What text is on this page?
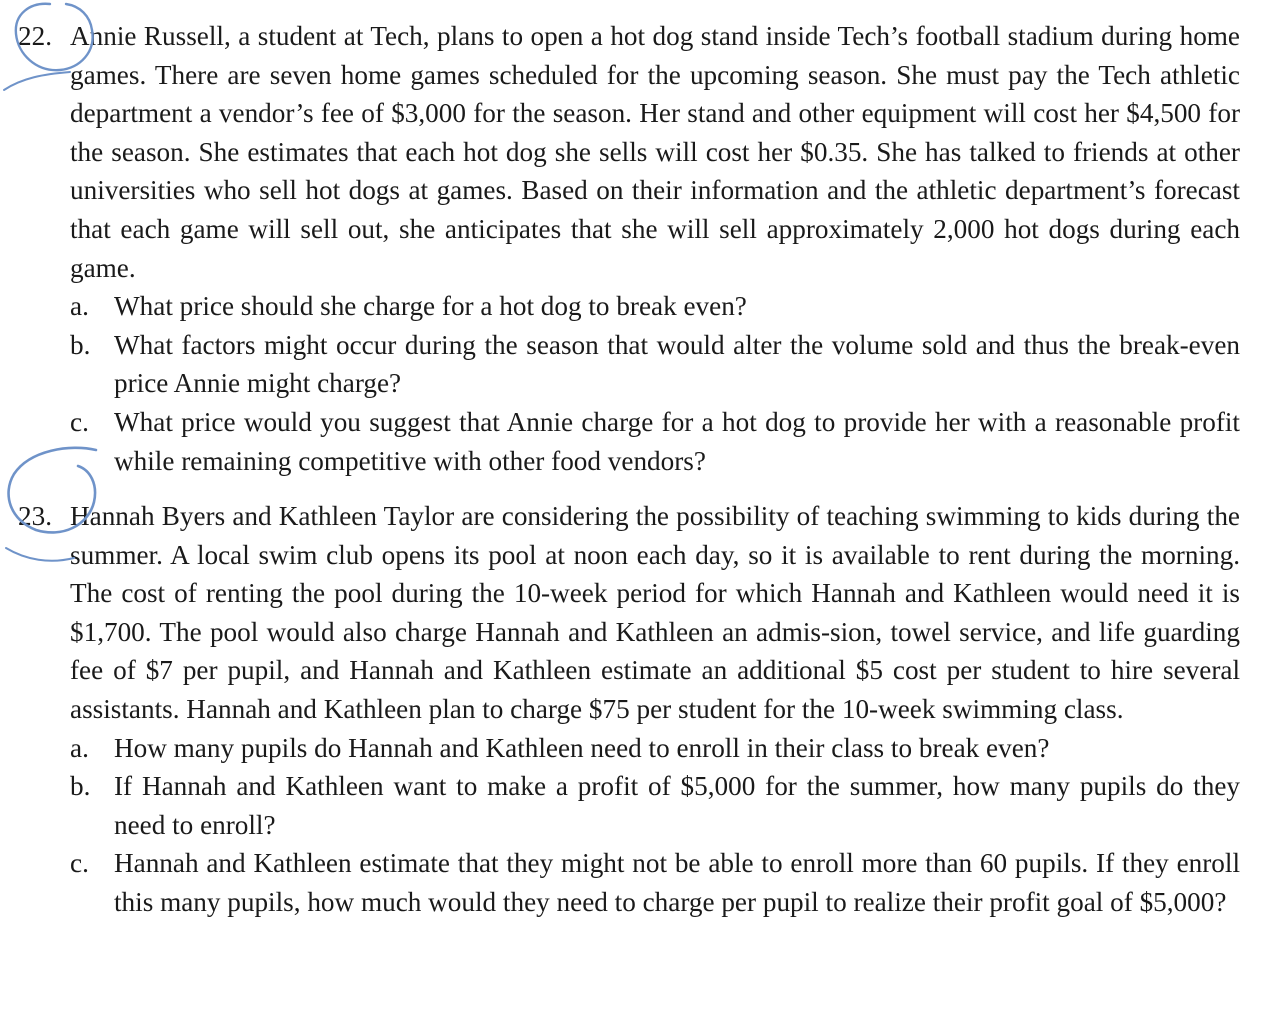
22. Annie Russell, a student at Tech, plans to open a hot dog stand inside Tech’s football stadium during home games. There are seven home games scheduled for the upcoming season. She must pay the Tech athletic department a vendor’s fee of $3,000 for the season. Her stand and other equipment will cost her $4,500 for the season. She estimates that each hot dog she sells will cost her $0.35. She has talked to friends at other universities who sell hot dogs at games. Based on their information and the athletic department’s forecast that each game will sell out, she anticipates that she will sell approximately 2,000 hot dogs during each game.
a. What price should she charge for a hot dog to break even?
b. What factors might occur during the season that would alter the volume sold and thus the break-even price Annie might charge?
c. What price would you suggest that Annie charge for a hot dog to provide her with a reasonable profit while remaining competitive with other food vendors?
23. Hannah Byers and Kathleen Taylor are considering the possibility of teaching swimming to kids during the summer. A local swim club opens its pool at noon each day, so it is available to rent during the morning. The cost of renting the pool during the 10-week period for which Hannah and Kathleen would need it is $1,700. The pool would also charge Hannah and Kathleen an admis-sion, towel service, and life guarding fee of $7 per pupil, and Hannah and Kathleen estimate an additional $5 cost per student to hire several assistants. Hannah and Kathleen plan to charge $75 per student for the 10-week swimming class.
a. How many pupils do Hannah and Kathleen need to enroll in their class to break even?
b. If Hannah and Kathleen want to make a profit of $5,000 for the summer, how many pupils do they need to enroll?
c. Hannah and Kathleen estimate that they might not be able to enroll more than 60 pupils. If they enroll this many pupils, how much would they need to charge per pupil to realize their profit goal of $5,000?
